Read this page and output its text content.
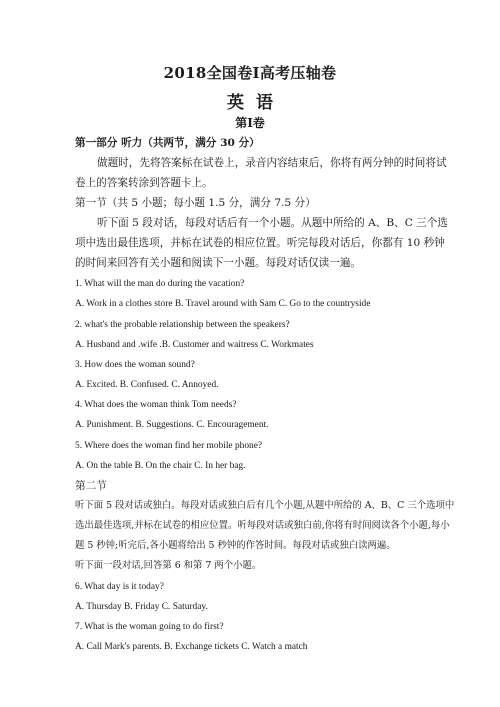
2018全国卷Ⅰ高考压轴卷
英语
第Ⅰ卷
第一部分 听力（共两节，满分 30 分）
做题时，先将答案标在试卷上，录音内容结束后，你将有两分钟的时间将试
卷上的答案转涂到答题卡上。
第一节（共 5 小题；每小题 1.5 分，满分 7.5 分）
听下面 5 段对话，每段对话后有一个小题。从题中所给的 A、B、C 三个选
项中选出最佳选项，并标在试卷的相应位置。听完每段对话后，你都有 10 秒钟
的时间来回答有关小题和阅读下一小题。每段对话仅读一遍。
1. What will the man do during the vacation?
A. Work in a clothes store B. Travel around with Sam C. Go to the countryside
2. what's the probable relationship between the speakers?
A. Husband and .wife .B. Customer and waitress C. Workmates
3. How does the woman sound?
A. Excited. B. Confused. C. Annoyed.
4. What does the woman think Tom needs?
A. Punishment. B. Suggestions. C. Encouragement.
5. Where does the woman find her mobile phone?
A. On the table B. On the chair C. In her bag.
第二节
听下面 5 段对话或独白。每段对话或独白后有几个小题,从题中所给的 A、B、C 三个选项中
选出最佳选项,并标在试卷的相应位置。听每段对话或独白前,你将有时间阅读各个小题,每小
题 5 秒钟;听完后,各小题将给出 5 秒钟的作答时间。每段对话或独白读两遍。
听下面一段对话,回答第 6 和第 7 两个小题。
6. What day is it today?
A. Thursday B. Friday C. Saturday.
7. What is the woman going to do first?
A. Call Mark's parents. B. Exchange tickets C. Watch a match
